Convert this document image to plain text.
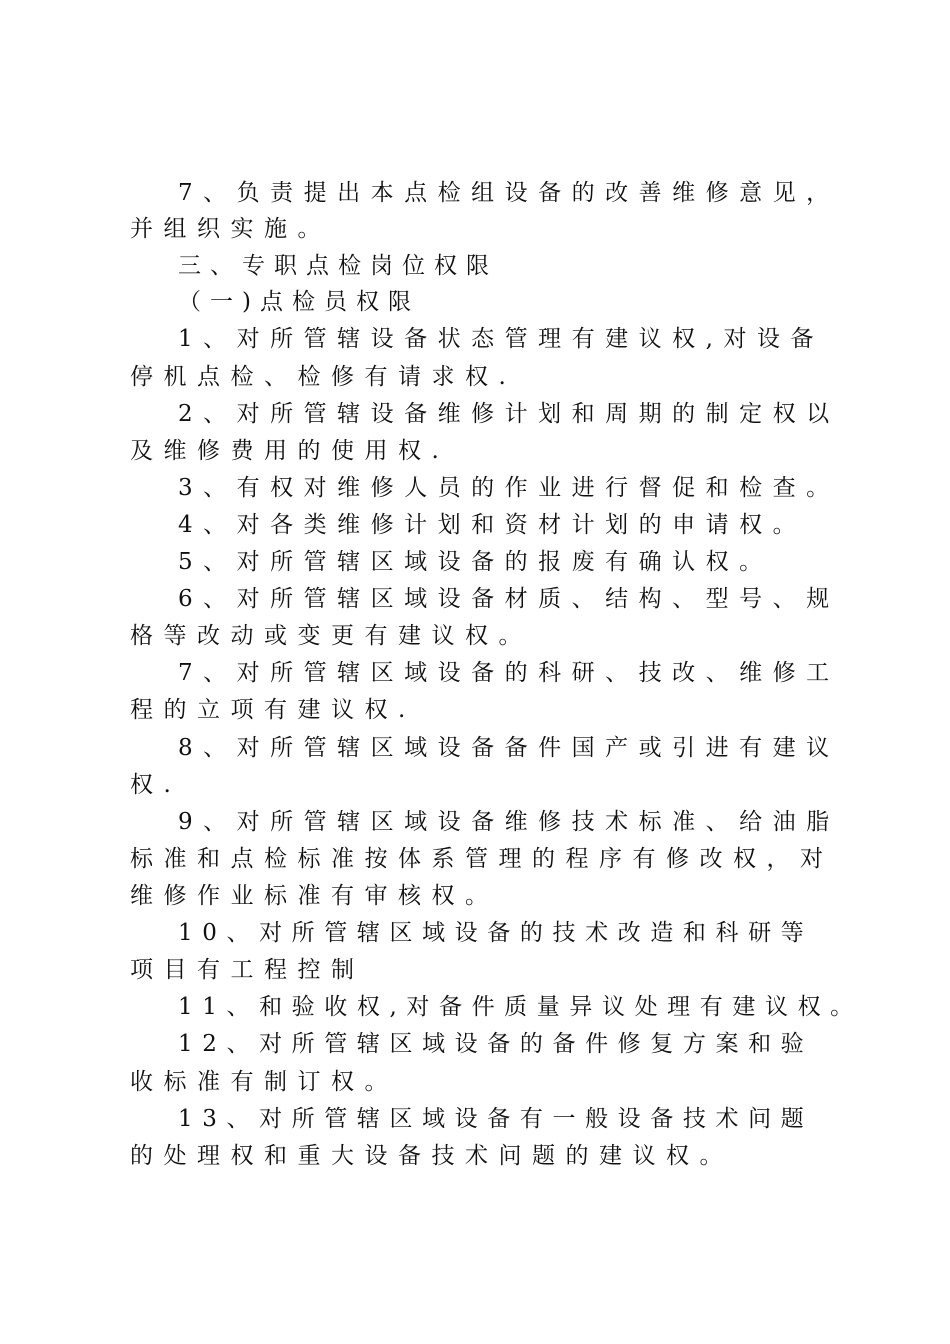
7、负责提出本点检组设备的改善维修意见，
并组织实施。
三、专职点检岗位权限
（一)点检员权限
1、对所管辖设备状态管理有建议权,对设备
停机点检、检修有请求权.
2、对所管辖设备维修计划和周期的制定权以
及维修费用的使用权.
3、有权对维修人员的作业进行督促和检查。
4、对各类维修计划和资材计划的申请权。
5、对所管辖区域设备的报废有确认权。
6、对所管辖区域设备材质、结构、型号、规
格等改动或变更有建议权。
7、对所管辖区域设备的科研、技改、维修工
程的立项有建议权.
8、对所管辖区域设备备件国产或引进有建议
权.
9、对所管辖区域设备维修技术标准、给油脂
标准和点检标准按体系管理的程序有修改权，对
维修作业标准有审核权。
10、对所管辖区域设备的技术改造和科研等
项目有工程控制
11、和验收权,对备件质量异议处理有建议权。
12、对所管辖区域设备的备件修复方案和验
收标准有制订权。
13、对所管辖区域设备有一般设备技术问题
的处理权和重大设备技术问题的建议权。
